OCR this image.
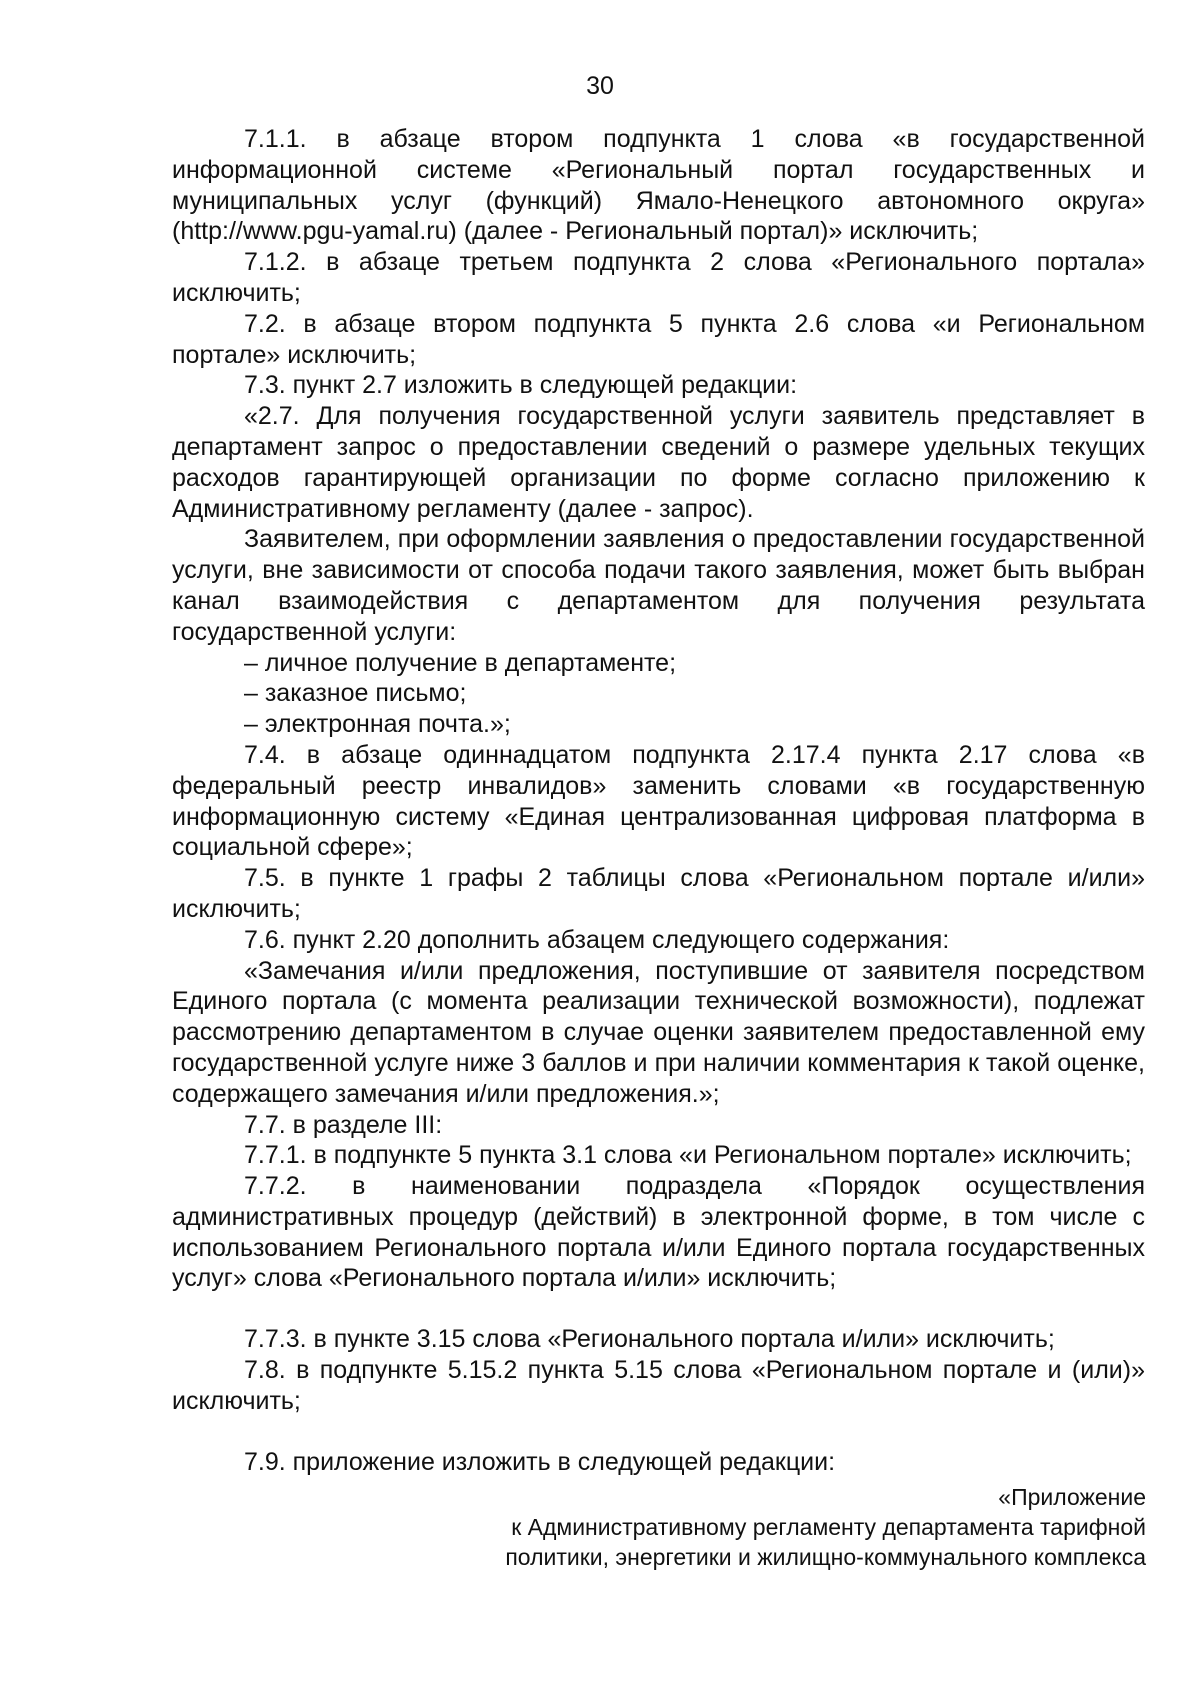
30

7.1.1. в абзаце втором подпункта 1 слова «в государственной информационной системе «Региональный портал государственных и муниципальных услуг (функций) Ямало-Ненецкого автономного округа» (http://www.pgu-yamal.ru) (далее - Региональный портал)» исключить;

7.1.2. в абзаце третьем подпункта 2 слова «Регионального портала» исключить;

7.2. в абзаце втором подпункта 5 пункта 2.6 слова «и Региональном портале» исключить;

7.3. пункт 2.7 изложить в следующей редакции:

«2.7. Для получения государственной услуги заявитель представляет в департамент запрос о предоставлении сведений о размере удельных текущих расходов гарантирующей организации по форме согласно приложению к Административному регламенту (далее - запрос).

Заявителем, при оформлении заявления о предоставлении государственной услуги, вне зависимости от способа подачи такого заявления, может быть выбран канал взаимодействия с департаментом для получения результата государственной услуги:

– личное получение в департаменте;

– заказное письмо;

– электронная почта.»;

7.4. в абзаце одиннадцатом подпункта 2.17.4 пункта 2.17 слова «в федеральный реестр инвалидов» заменить словами «в государственную информационную систему «Единая централизованная цифровая платформа в социальной сфере»;

7.5. в пункте 1 графы 2 таблицы слова «Региональном портале и/или» исключить;

7.6. пункт 2.20 дополнить абзацем следующего содержания:

«Замечания и/или предложения, поступившие от заявителя посредством Единого портала (с момента реализации технической возможности), подлежат рассмотрению департаментом в случае оценки заявителем предоставленной ему государственной услуге ниже 3 баллов и при наличии комментария к такой оценке, содержащего замечания и/или предложения.»;

7.7. в разделе III:

7.7.1. в подпункте 5 пункта 3.1 слова «и Региональном портале» исключить;

7.7.2. в наименовании подраздела «Порядок осуществления административных процедур (действий) в электронной форме, в том числе с использованием Регионального портала и/или Единого портала государственных услуг» слова «Регионального портала и/или» исключить;

7.7.3. в пункте 3.15 слова «Регионального портала и/или» исключить;

7.8. в подпункте 5.15.2 пункта 5.15 слова «Региональном портале и (или)» исключить;

7.9. приложение изложить в следующей редакции:

«Приложение
к Административному регламенту департамента тарифной
политики, энергетики и жилищно-коммунального комплекса
